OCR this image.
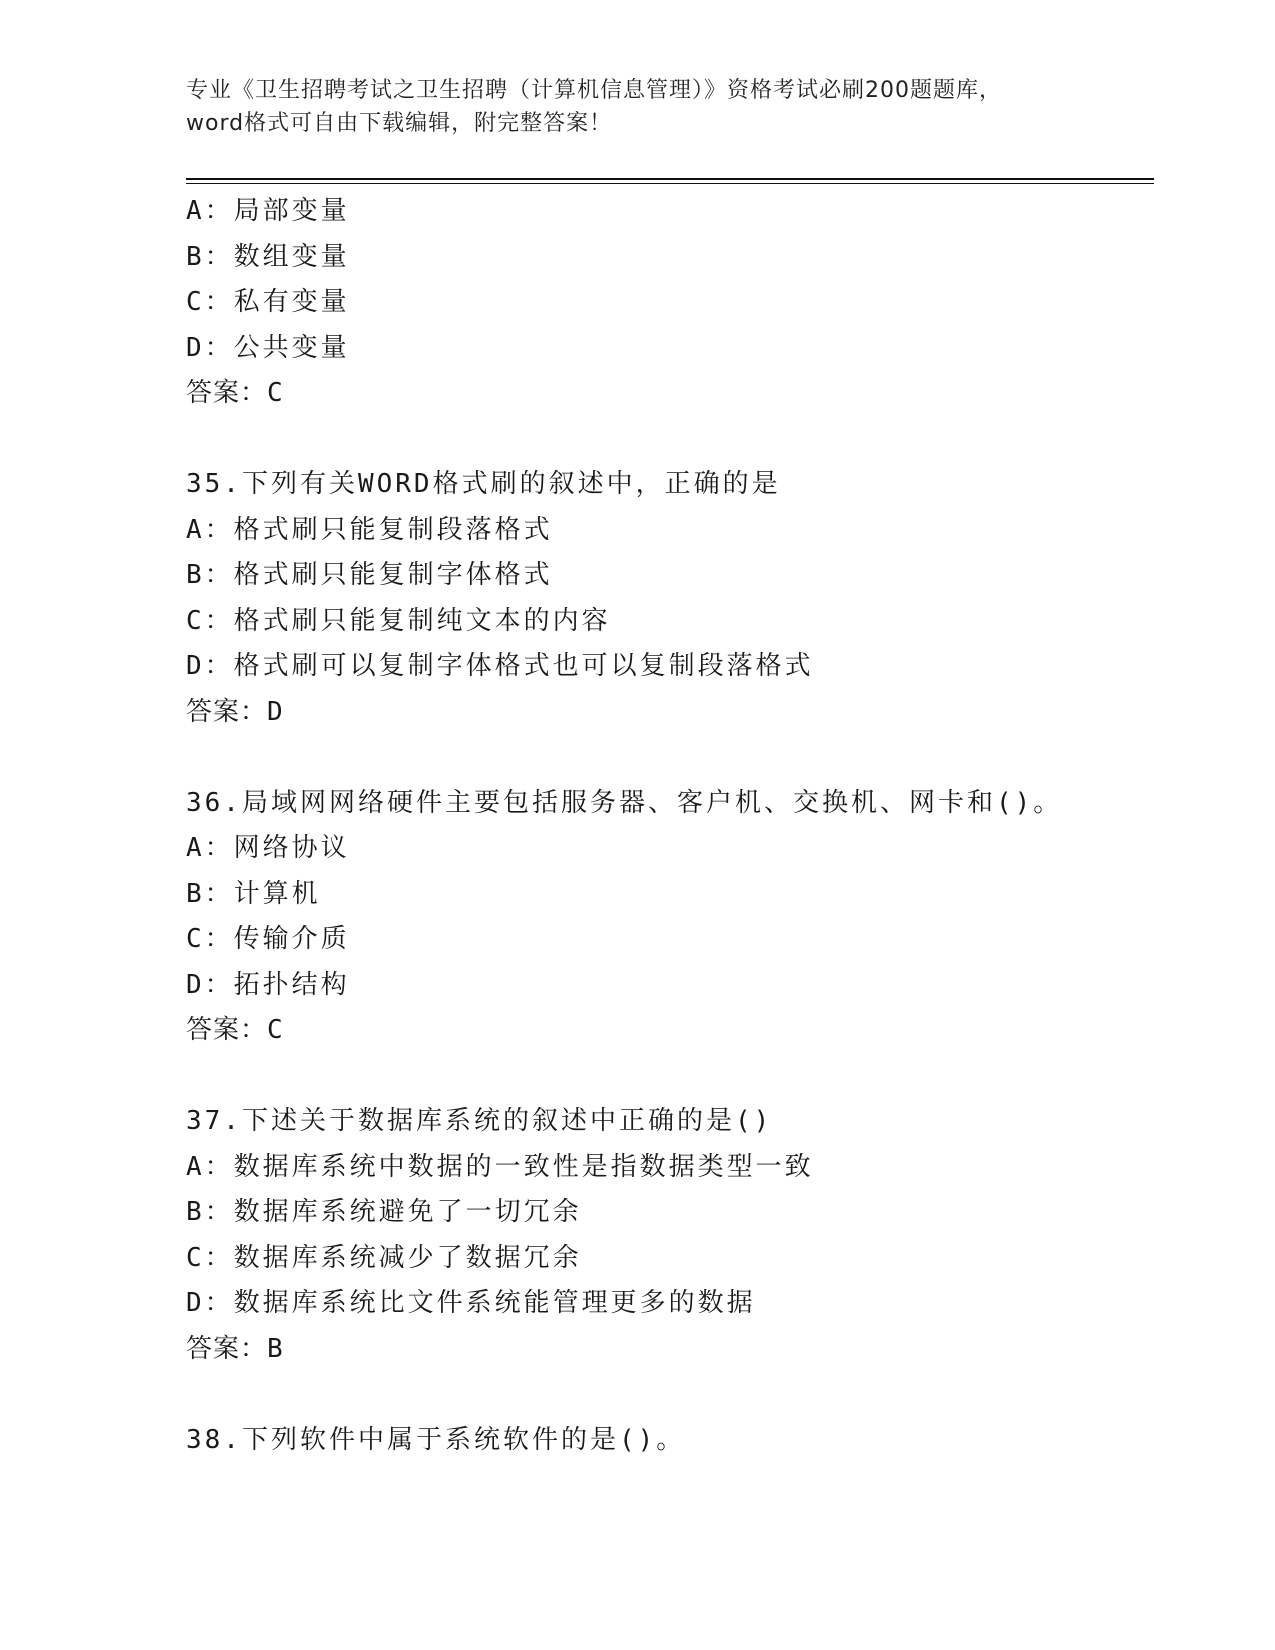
专业《卫生招聘考试之卫生招聘（计算机信息管理）》资格考试必刷200题题库，
word格式可自由下载编辑，附完整答案！
A：局部变量
B：数组变量
C：私有变量
D：公共变量
答案：C
35.下列有关WORD格式刷的叙述中，正确的是
A：格式刷只能复制段落格式
B：格式刷只能复制字体格式
C：格式刷只能复制纯文本的内容
D：格式刷可以复制字体格式也可以复制段落格式
答案：D
36.局域网网络硬件主要包括服务器、客户机、交换机、网卡和()。
A：网络协议
B：计算机
C：传输介质
D：拓扑结构
答案：C
37.下述关于数据库系统的叙述中正确的是()
A：数据库系统中数据的一致性是指数据类型一致
B：数据库系统避免了一切冗余
C：数据库系统减少了数据冗余
D：数据库系统比文件系统能管理更多的数据
答案：B
38.下列软件中属于系统软件的是()。
